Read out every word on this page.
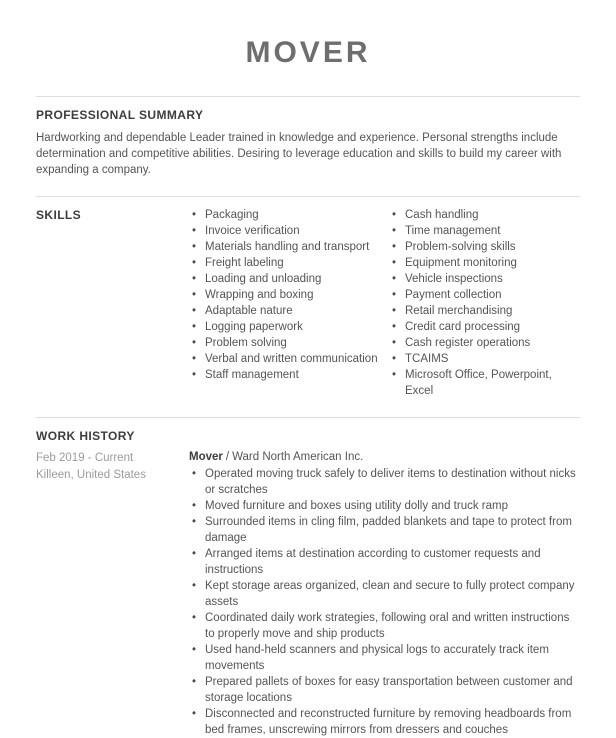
MOVER
PROFESSIONAL SUMMARY

Hardworking and dependable Leader trained in knowledge and experience. Personal strengths include determination and competitive abilities. Desiring to leverage education and skills to build my career with expanding a company.

SKILLS	• Packaging
• Invoice verification
• Materials handling and transport
• Freight labeling
• Loading and unloading
• Wrapping and boxing
• Adaptable nature
• Logging paperwork
• Problem solving
• Verbal and written communication
• Staff management
• Cash handling
• Time management
• Problem-solving skills
• Equipment monitoring
• Vehicle inspections
• Payment collection
• Retail merchandising
• Credit card processing
• Cash register operations
• TCAIMS
• Microsoft Office, Powerpoint, Excel
WORK HISTORY
Feb 2019 - Current
Killeen, United States
Mover / Ward North American Inc.
• Operated moving truck safely to deliver items to destination without nicks or scratches
• Moved furniture and boxes using utility dolly and truck ramp
• Surrounded items in cling film, padded blankets and tape to protect from damage
• Arranged items at destination according to customer requests and instructions
• Kept storage areas organized, clean and secure to fully protect company assets
• Coordinated daily work strategies, following oral and written instructions to properly move and ship products
• Used hand-held scanners and physical logs to accurately track item movements
• Prepared pallets of boxes for easy transportation between customer and storage locations
• Disconnected and reconstructed furniture by removing headboards from bed frames, unscrewing mirrors from dressers and couches
